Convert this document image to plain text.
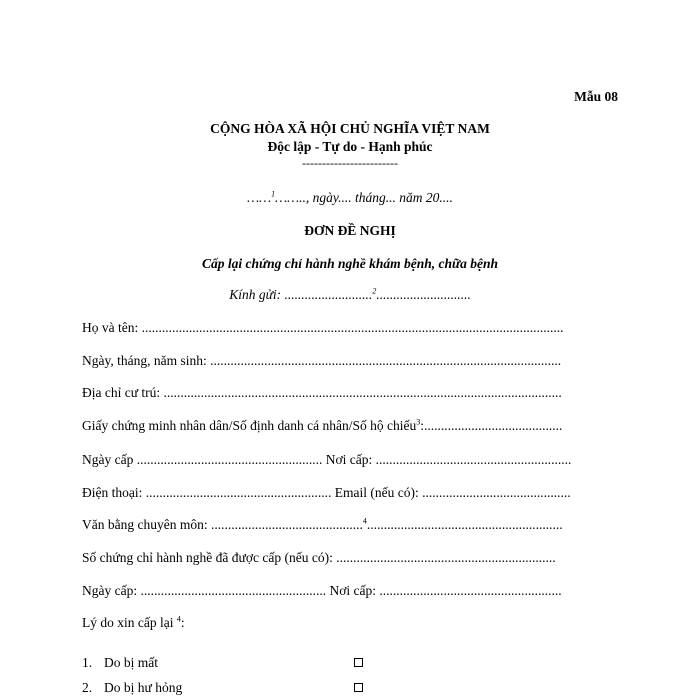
Mẫu 08
CỘNG HÒA XÃ HỘI CHỦ NGHĨA VIỆT NAM
Độc lập - Tự do - Hạnh phúc
------------------------
……$^1$…….., ngày.... tháng... năm 20....
ĐƠN ĐỀ NGHỊ
Cấp lại chứng chỉ hành nghề khám bệnh, chữa bệnh
Kính gửi: ..........................$^2$............................
Họ và tên: .............................................................................................................................
Ngày, tháng, năm sinh: ........................................................................................................
Địa chỉ cư trú: ......................................................................................................................
Giấy chứng minh nhân dân/Số định danh cá nhân/Số hộ chiếu$^3$:.........................................
Ngày cấp ....................................................... Nơi cấp: ..........................................................
Điện thoại: ....................................................... Email (nếu có): ............................................
Văn bằng chuyên môn: .............................................$^4$..........................................................
Số chứng chỉ hành nghề đã được cấp (nếu có): .................................................................
Ngày cấp: ....................................................... Nơi cấp: ......................................................
Lý do xin cấp lại $^4$:
1. Do bị mất
2. Do bị hư hỏng
